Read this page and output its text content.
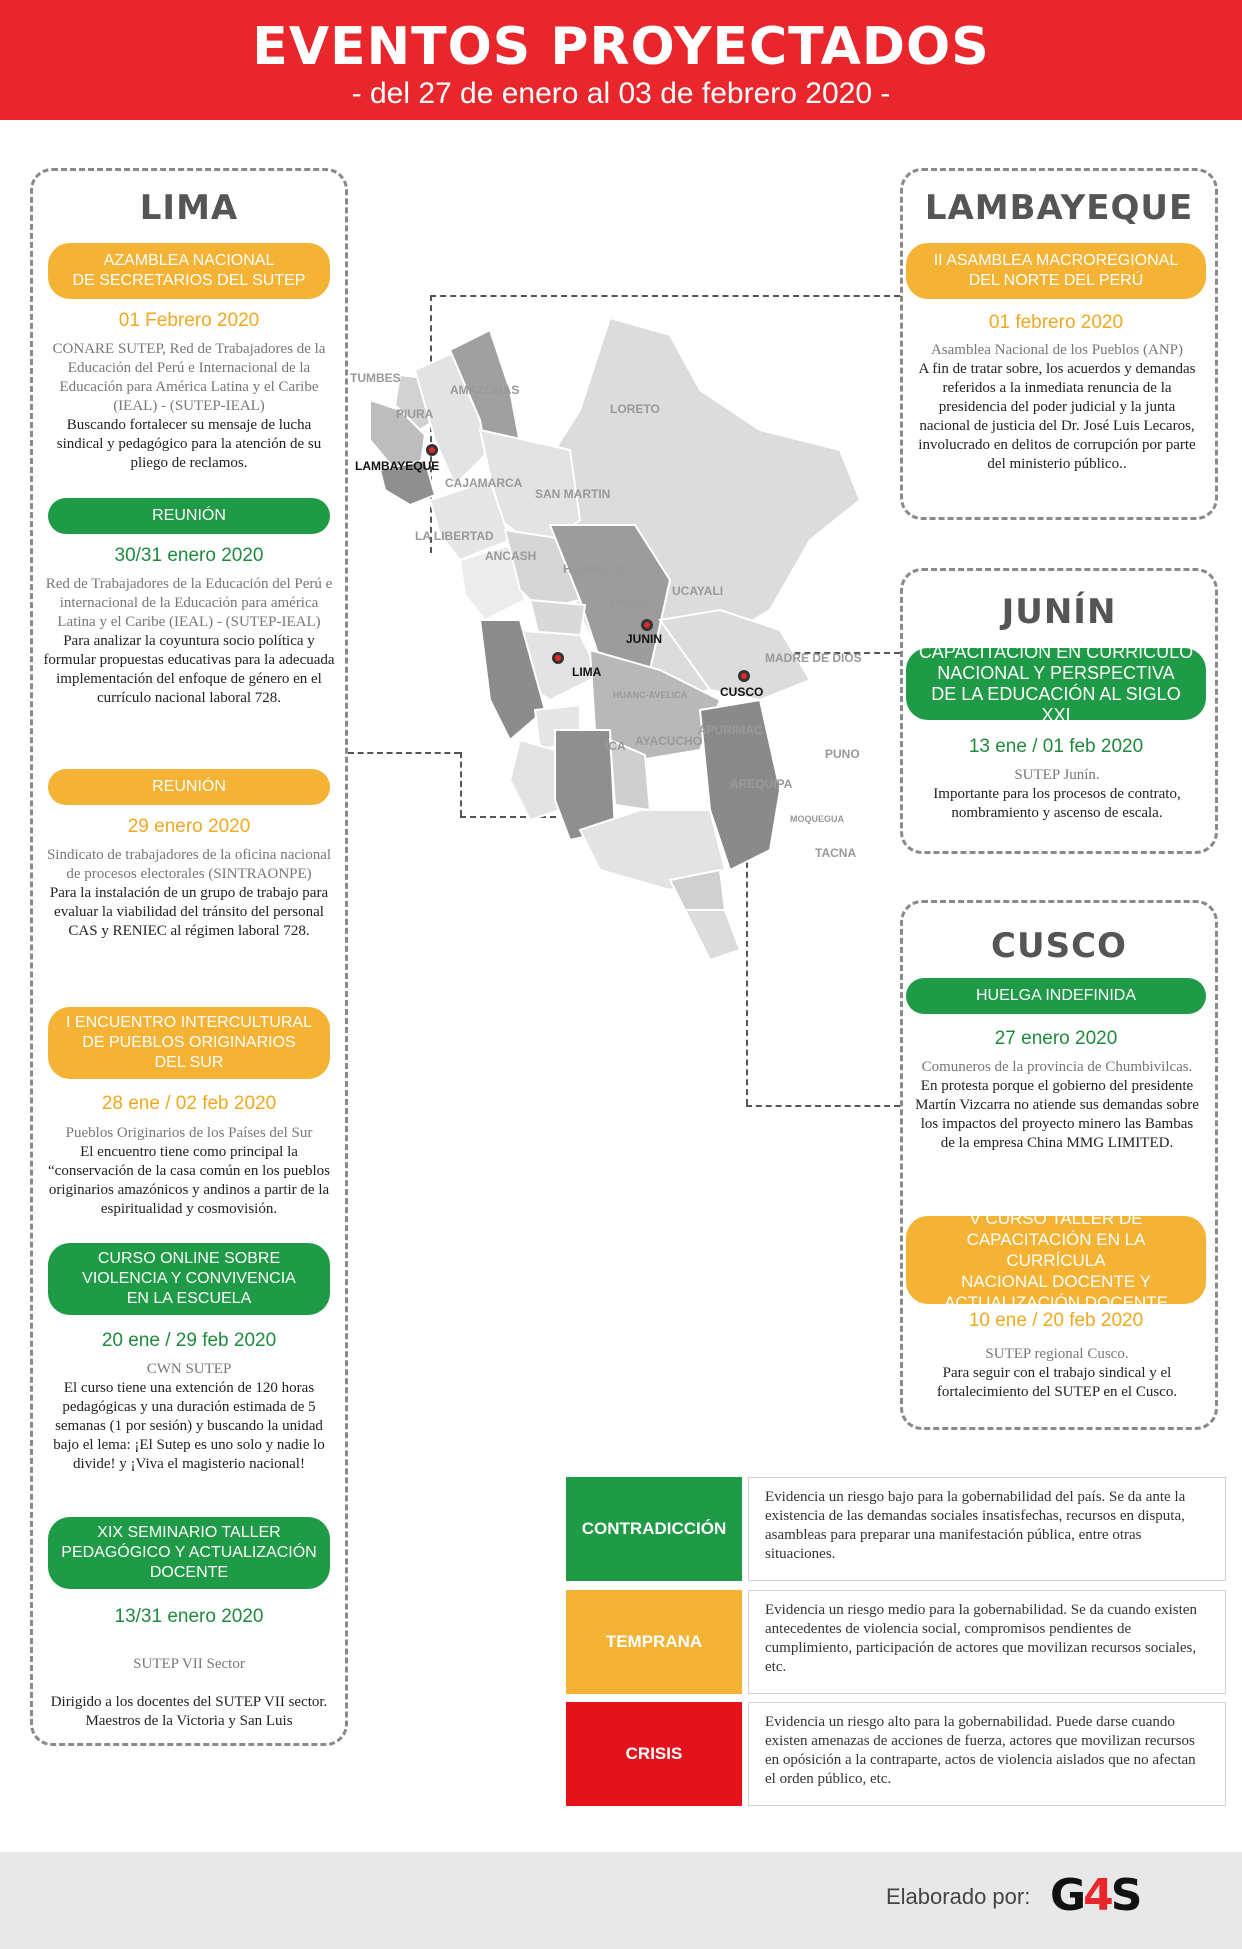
EVENTOS PROYECTADOS
- del 27 de enero al 03 de febrero 2020 -
LIMA
AZAMBLEA NACIONAL
DE SECRETARIOS DEL SUTEP
01 Febrero 2020
CONARE SUTEP, Red de Trabajadores de la Educación del Perú e Internacional de la Educación para América Latina y el Caribe (IEAL) - (SUTEP-IEAL)
Buscando fortalecer su mensaje de lucha sindical y pedagógico para la atención de su pliego de reclamos.
REUNIÓN
30/31 enero 2020
Red de Trabajadores de la Educación del Perú e internacional de la Educación para américa Latina y el Caribe (IEAL) - (SUTEP-IEAL)
Para analizar la coyuntura socio política y formular propuestas educativas para la adecuada implementación del enfoque de género en el currículo nacional laboral 728.
REUNIÓN
29 enero 2020
Sindicato de trabajadores de la oficina nacional de procesos electorales (SINTRAONPE)
Para la instalación de un grupo de trabajo para evaluar la viabilidad del tránsito del personal CAS y RENIEC al régimen laboral 728.
I ENCUENTRO INTERCULTURAL
DE PUEBLOS ORIGINARIOS
DEL SUR
28 ene / 02 feb 2020
Pueblos Originarios de los Países del Sur
El encuentro tiene como principal la “conservación de la casa común en los pueblos originarios amazónicos y andinos a partir de la espiritualidad y cosmovisión.
CURSO ONLINE SOBRE
VIOLENCIA Y CONVIVENCIA
EN LA ESCUELA
20 ene / 29 feb 2020
CWN SUTEP
El curso tiene una extención de 120 horas pedagógicas y una duración estimada de 5 semanas (1 por sesión) y buscando la unidad bajo el lema: ¡El Sutep es uno solo y nadie lo divide! y ¡Viva el magisterio nacional!
XIX SEMINARIO TALLER
PEDAGÓGICO Y ACTUALIZACIÓN
DOCENTE
13/31 enero 2020

SUTEP VII Sector

Dirigido a los docentes del SUTEP VII sector.
Maestros de la Victoria y San Luis

LAMBAYEQUE
II ASAMBLEA MACROREGIONAL
DEL NORTE DEL PERÚ
01 febrero 2020
Asamblea Nacional de los Pueblos (ANP)
A fin de tratar sobre, los acuerdos y demandas referidos a la inmediata renuncia de la presidencia del poder judicial y la junta nacional de justicia del Dr. José Luis Lecaros, involucrado en delitos de corrupción por parte del ministerio público..
JUNÍN
CAPACITACIÓN EN CURRÍCULO
NACIONAL Y PERSPECTIVA
DE LA EDUCACIÓN AL SIGLO XXI
13 ene / 01 feb 2020
SUTEP Junín.
Importante para los procesos de contrato, nombramiento y ascenso de escala.
CUSCO
HUELGA INDEFINIDA
27 enero 2020
Comuneros de la provincia de Chumbivilcas.
En protesta porque el gobierno del presidente Martín Vizcarra no atiende sus demandas sobre los impactos del proyecto minero las Bambas de la empresa China MMG LIMITED.
V CURSO TALLER DE
CAPACITACIÓN EN LA CURRÍCULA
NACIONAL DOCENTE Y
ACTUALIZACIÓN DOCENTE
10 ene / 20 feb 2020
SUTEP regional Cusco.
Para seguir con el trabajo sindical y el fortalecimiento del SUTEP en el Cusco.
TUMBES
PIURA
AMAZONAS
LORETO
CAJAMARCA
SAN MARTIN
LA LIBERTAD
ANCASH
HUANUCO
UCAYALI
PASCO
MADRE DE DIOS
HUANC-AVELICA
AYACUCHO
APURIMAC
ICA
PUNO
AREQUIPA
MOQUEGUA
TACNA
LAMBAYEQUE
JUNIN
LIMA
CUSCO
CONTRADICCIÓN
Evidencia un riesgo bajo para la gobernabilidad del país. Se da ante la existencia de las demandas sociales insatisfechas, recursos en disputa, asambleas para preparar una manifestación pública, entre otras situaciones.
TEMPRANA
Evidencia un riesgo medio para la gobernabilidad. Se da cuando existen antecedentes de violencia social, compromisos pendientes de cumplimiento, participación de actores que movilizan recursos sociales, etc.
CRISIS
Evidencia un riesgo alto para la gobernabilidad. Puede darse cuando existen amenazas de acciones de fuerza, actores que movilizan recursos en opósición a la contraparte, actos de violencia aislados que no afectan el orden público, etc.
Elaborado por: G4S
